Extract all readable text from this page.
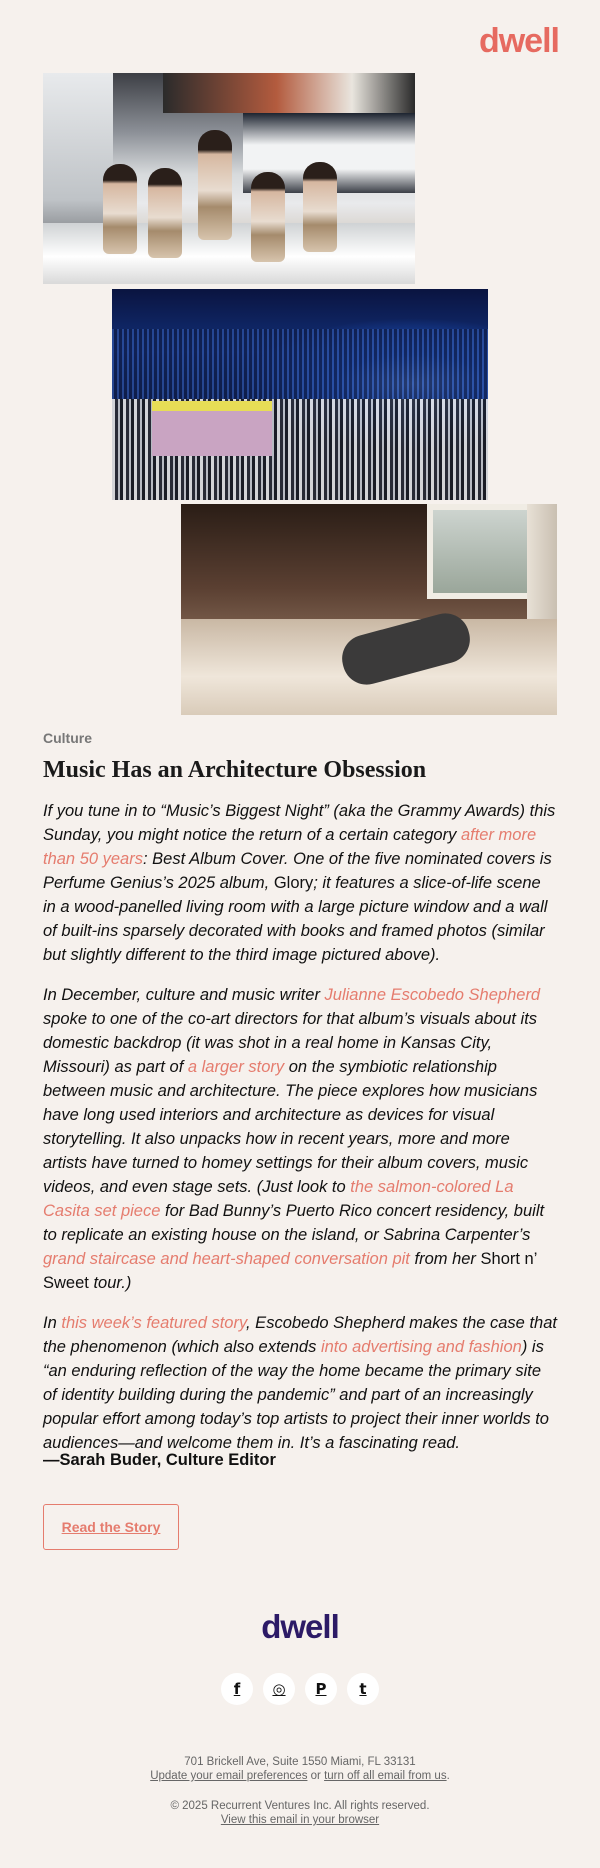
dwell
Culture
Music Has an Architecture Obsession

If you tune in to “Music’s Biggest Night” (aka the Grammy Awards) this Sunday, you might notice the return of a certain category after more than 50 years: Best Album Cover. One of the five nominated covers is Perfume Genius’s 2025 album, Glory; it features a slice-of-life scene in a wood-panelled living room with a large picture window and a wall of built-ins sparsely decorated with books and framed photos (similar but slightly different to the third image pictured above).

In December, culture and music writer Julianne Escobedo Shepherd spoke to one of the co-art directors for that album’s visuals about its domestic backdrop (it was shot in a real home in Kansas City, Missouri) as part of a larger story on the symbiotic relationship between music and architecture. The piece explores how musicians have long used interiors and architecture as devices for visual storytelling. It also unpacks how in recent years, more and more artists have turned to homey settings for their album covers, music videos, and even stage sets. (Just look to the salmon-colored La Casita set piece for Bad Bunny’s Puerto Rico concert residency, built to replicate an existing house on the island, or Sabrina Carpenter’s grand staircase and heart-shaped conversation pit from her Short n’ Sweet tour.)

In this week’s featured story, Escobedo Shepherd makes the case that the phenomenon (which also extends into advertising and fashion) is “an enduring reflection of the way the home became the primary site of identity building during the pandemic” and part of an increasingly popular effort among today’s top artists to project their inner worlds to audiences—and welcome them in. It’s a fascinating read.

—Sarah Buder, Culture Editor
Read the Story
dwell
f	◎	P	t
701 Brickell Ave, Suite 1550 Miami, FL 33131
Update your email preferences or turn off all email from us.
© 2025 Recurrent Ventures Inc. All rights reserved.
View this email in your browser
